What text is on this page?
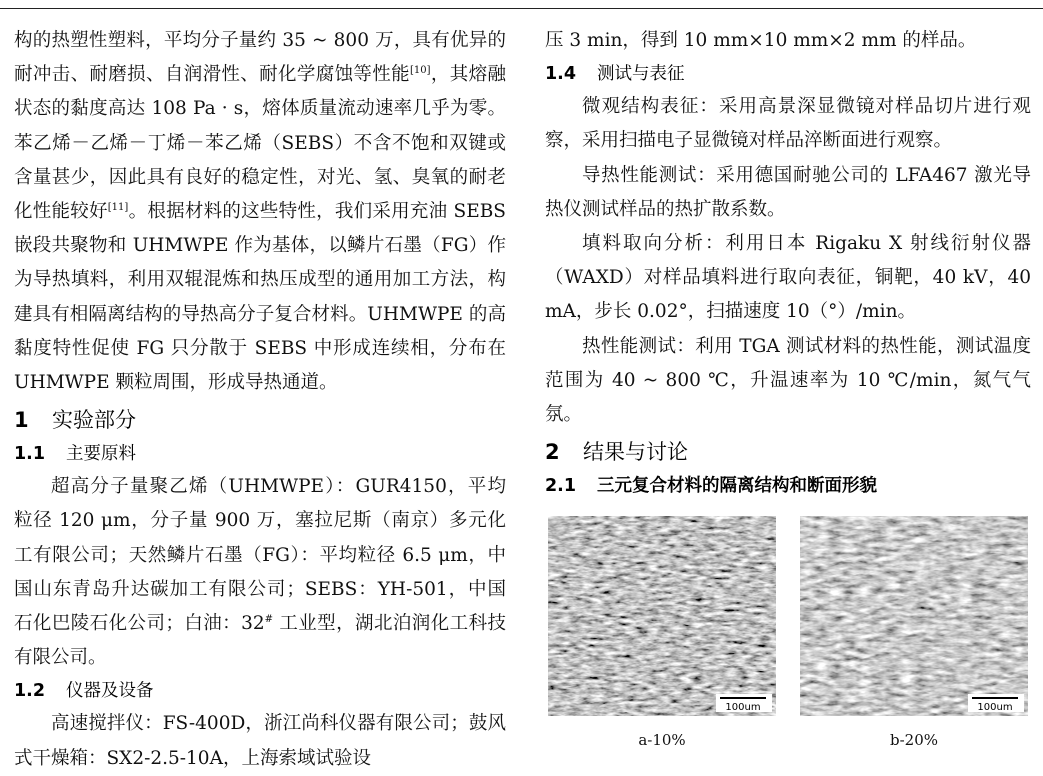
构的热塑性塑料，平均分子量约 35 ~ 800 万，具有优异的耐冲击、耐磨损、自润滑性、耐化学腐蚀等性能[10]，其熔融状态的黏度高达 108 Pa · s，熔体质量流动速率几乎为零。苯乙烯－乙烯－丁烯－苯乙烯（SEBS）不含不饱和双键或含量甚少，因此具有良好的稳定性，对光、氢、臭氧的耐老化性能较好[11]。根据材料的这些特性，我们采用充油 SEBS 嵌段共聚物和 UHMWPE 作为基体，以鳞片石墨（FG）作为导热填料，利用双辊混炼和热压成型的通用加工方法，构建具有相隔离结构的导热高分子复合材料。UHMWPE 的高黏度特性促使 FG 只分散于 SEBS 中形成连续相，分布在 UHMWPE 颗粒周围，形成导热通道。

1 实验部分
1.1 主要原料

超高分子量聚乙烯（UHMWPE）：GUR4150，平均粒径 120 μm，分子量 900 万，塞拉尼斯（南京）多元化工有限公司；天然鳞片石墨（FG）：平均粒径 6.5 μm，中国山东青岛升达碳加工有限公司；SEBS：YH-501，中国石化巴陵石化公司；白油：32# 工业型，湖北泊润化工科技有限公司。

1.2 仪器及设备

高速搅拌仪：FS-400D，浙江尚科仪器有限公司；鼓风式干燥箱：SX2-2.5-10A，上海索域试验设

压 3 min，得到 10 mm×10 mm×2 mm 的样品。

1.4 测试与表征

微观结构表征：采用高景深显微镜对样品切片进行观察，采用扫描电子显微镜对样品淬断面进行观察。

导热性能测试：采用德国耐驰公司的 LFA467 激光导热仪测试样品的热扩散系数。

填料取向分析：利用日本 Rigaku X 射线衍射仪器（WAXD）对样品填料进行取向表征，铜靶，40 kV，40 mA，步长 0.02°，扫描速度 10（°）/min。

热性能测试：利用 TGA 测试材料的热性能，测试温度范围为 40 ~ 800 ℃，升温速率为 10 ℃/min，氮气气氛。

2 结果与讨论
2.1 三元复合材料的隔离结构和断面形貌
100um	100um
a-10%	b-20%
